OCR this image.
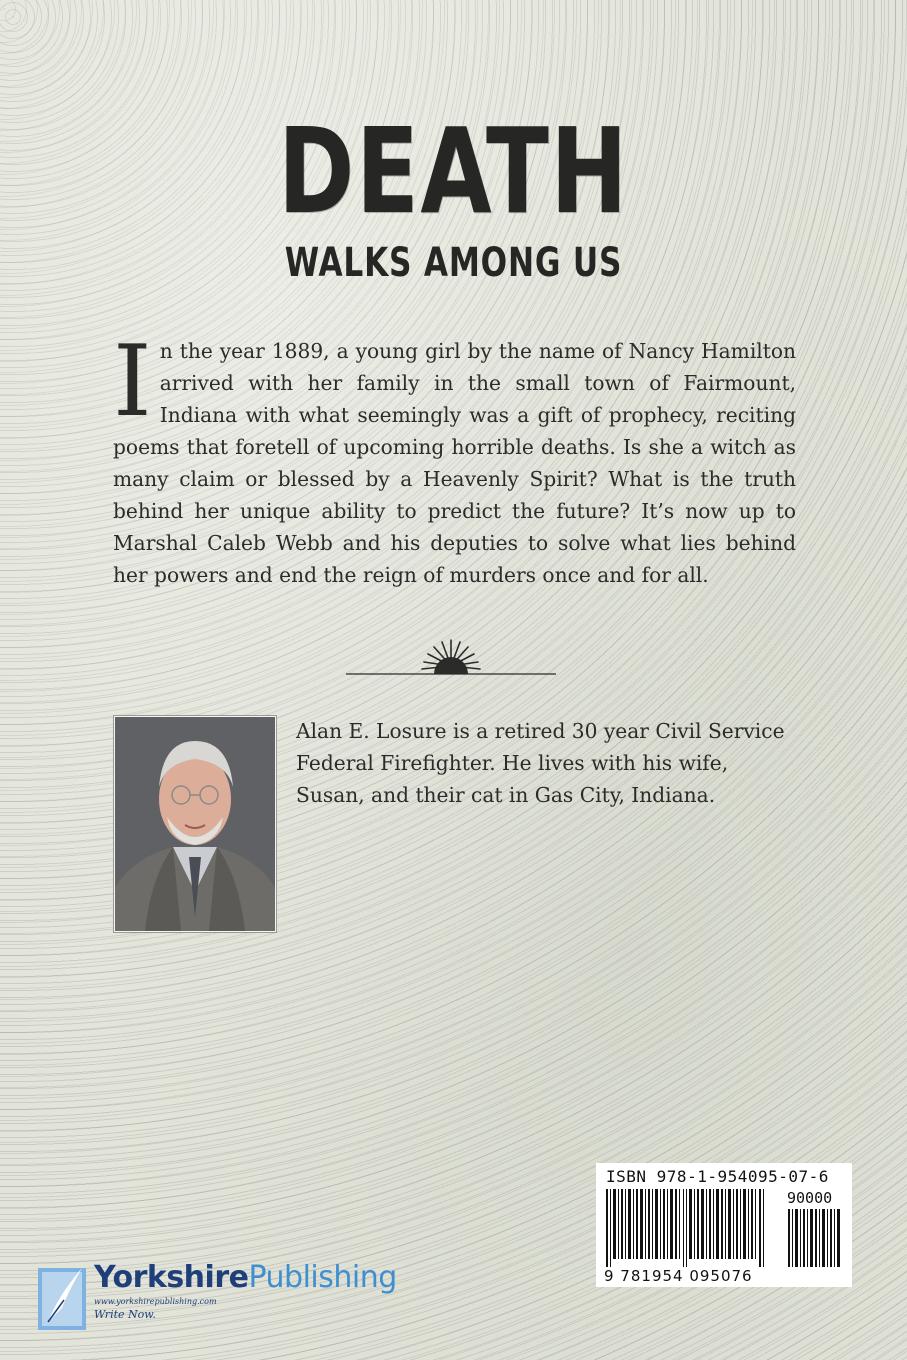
DEATH
WALKS AMONG US
I n the year 1889, a young girl by the name of Nancy Hamilton arrived with her family in the small town of Fairmount, Indiana with what seemingly was a gift of prophecy, reciting poems that foretell of upcoming horrible deaths. Is she a witch as many claim or blessed by a Heavenly Spirit? What is the truth behind her unique ability to predict the future? It’s now up to Marshal Caleb Webb and his deputies to solve what lies behind her powers and end the reign of murders once and for all.
Alan E. Losure is a retired 30 year Civil Service Federal Firefighter. He lives with his wife, Susan, and their cat in Gas City, Indiana.
ISBN 978-1-954095-07-6
90000
9 781954 095076
YorkshirePublishing
www.yorkshirepublishing.com
Write Now.
